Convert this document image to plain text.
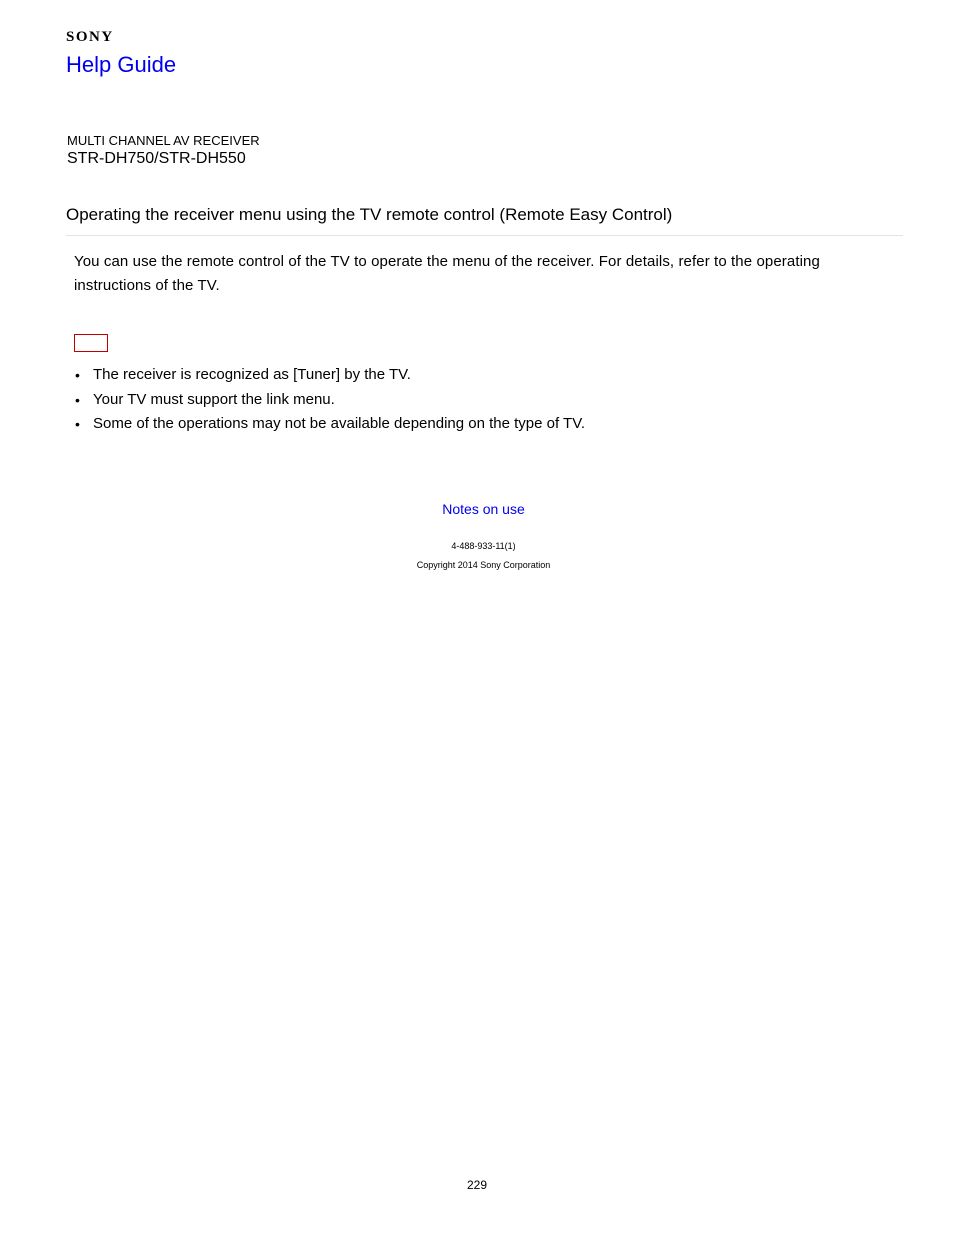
SONY
Help Guide
MULTI CHANNEL AV RECEIVER
STR-DH750/STR-DH550
Operating the receiver menu using the TV remote control (Remote Easy Control)

You can use the remote control of the TV to operate the menu of the receiver. For details, refer to the operating instructions of the TV.

• The receiver is recognized as [Tuner] by the TV.
• Your TV must support the link menu.
• Some of the operations may not be available depending on the type of TV.
Notes on use
4-488-933-11(1)
Copyright 2014 Sony Corporation
229
